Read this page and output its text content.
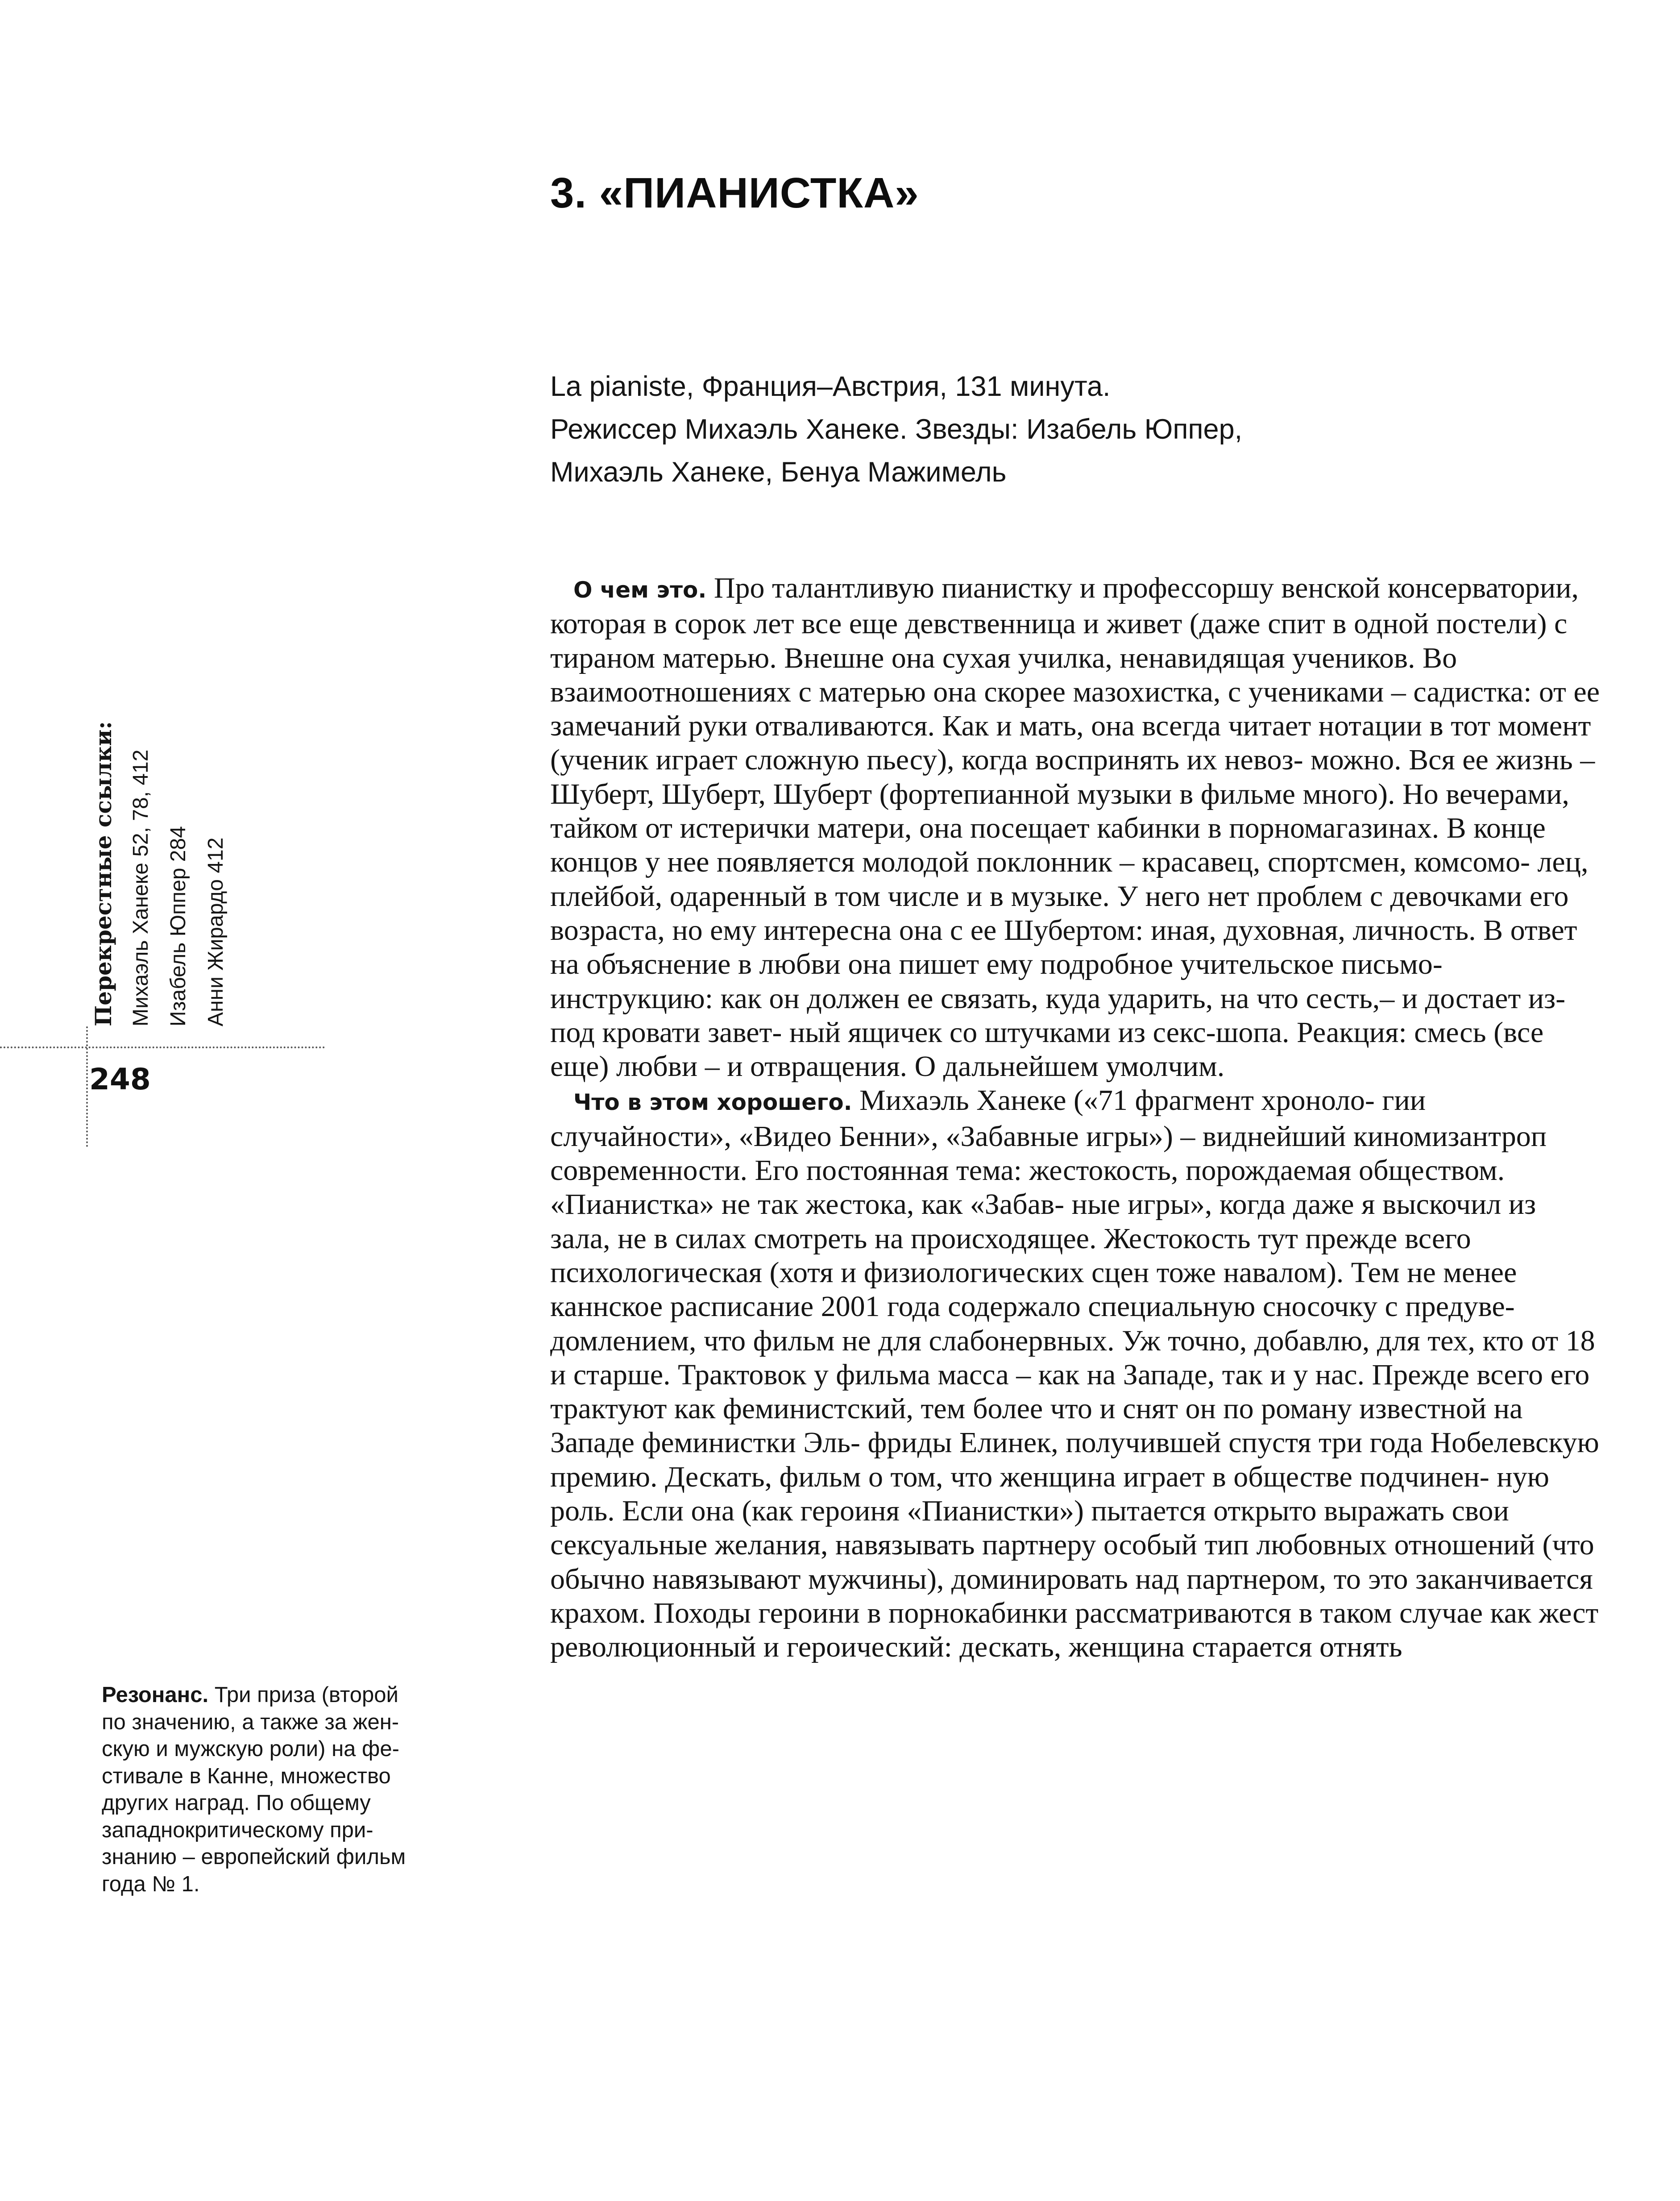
3. «ПИАНИСТКА»
La pianiste, Франция–Австрия, 131 минута.
Режиссер Михаэль Ханеке. Звезды: Изабель Юппер,
Михаэль Ханеке, Бенуа Мажимель

О чем это. Про талантливую пианистку и профессоршу венской консерватории, которая в сорок лет все еще девственница и живет (даже спит в одной постели) с тираном матерью. Внешне она сухая училка, ненавидящая учеников. Во взаимоотношениях с матерью она скорее мазохистка, с учениками – садистка: от ее замечаний руки отваливаются. Как и мать, она всегда читает нотации в тот момент (ученик играет сложную пьесу), когда воспринять их невоз- можно. Вся ее жизнь – Шуберт, Шуберт, Шуберт (фортепианной музыки в фильме много). Но вечерами, тайком от истерички матери, она посещает кабинки в порномагазинах. В конце концов у нее появляется молодой поклонник – красавец, спортсмен, комсомо- лец, плейбой, одаренный в том числе и в музыке. У него нет проблем с девочками его возраста, но ему интересна она с ее Шубертом: иная, духовная, личность. В ответ на объяснение в любви она пишет ему подробное учительское письмо-инструкцию: как он должен ее связать, куда ударить, на что сесть,– и достает из-под кровати завет- ный ящичек со штучками из секс-шопа. Реакция: смесь (все еще) любви – и отвращения. О дальнейшем умолчим.

Что в этом хорошего. Михаэль Ханеке («71 фрагмент хроноло- гии случайности», «Видео Бенни», «Забавные игры») – виднейший киномизантроп современности. Его постоянная тема: жестокость, порождаемая обществом. «Пианистка» не так жестока, как «Забав- ные игры», когда даже я выскочил из зала, не в силах смотреть на происходящее. Жестокость тут прежде всего психологическая (хотя и физиологических сцен тоже навалом). Тем не менее каннское расписание 2001 года содержало специальную сносочку с предуве- домлением, что фильм не для слабонервных. Уж точно, добавлю, для тех, кто от 18 и старше. Трактовок у фильма масса – как на Западе, так и у нас. Прежде всего его трактуют как феминистский, тем более что и снят он по роману известной на Западе феминистки Эль- фриды Елинек, получившей спустя три года Нобелевскую премию. Дескать, фильм о том, что женщина играет в обществе подчинен- ную роль. Если она (как героиня «Пианистки») пытается открыто выражать свои сексуальные желания, навязывать партнеру особый тип любовных отношений (что обычно навязывают мужчины), доминировать над партнером, то это заканчивается крахом. Походы героини в порнокабинки рассматриваются в таком случае как жест революционный и героический: дескать, женщина старается отнять

Перекрестные ссылки: Михаэль Ханеке 52, 78, 412 Изабель Юппер 284 Анни Жирардо 412
248
Резонанс. Три приза (второй
по значению, а также за жен-
скую и мужскую роли) на фе-
стивале в Канне, множество
других наград. По общему
западнокритическому при-
знанию – европейский фильм
года № 1.
